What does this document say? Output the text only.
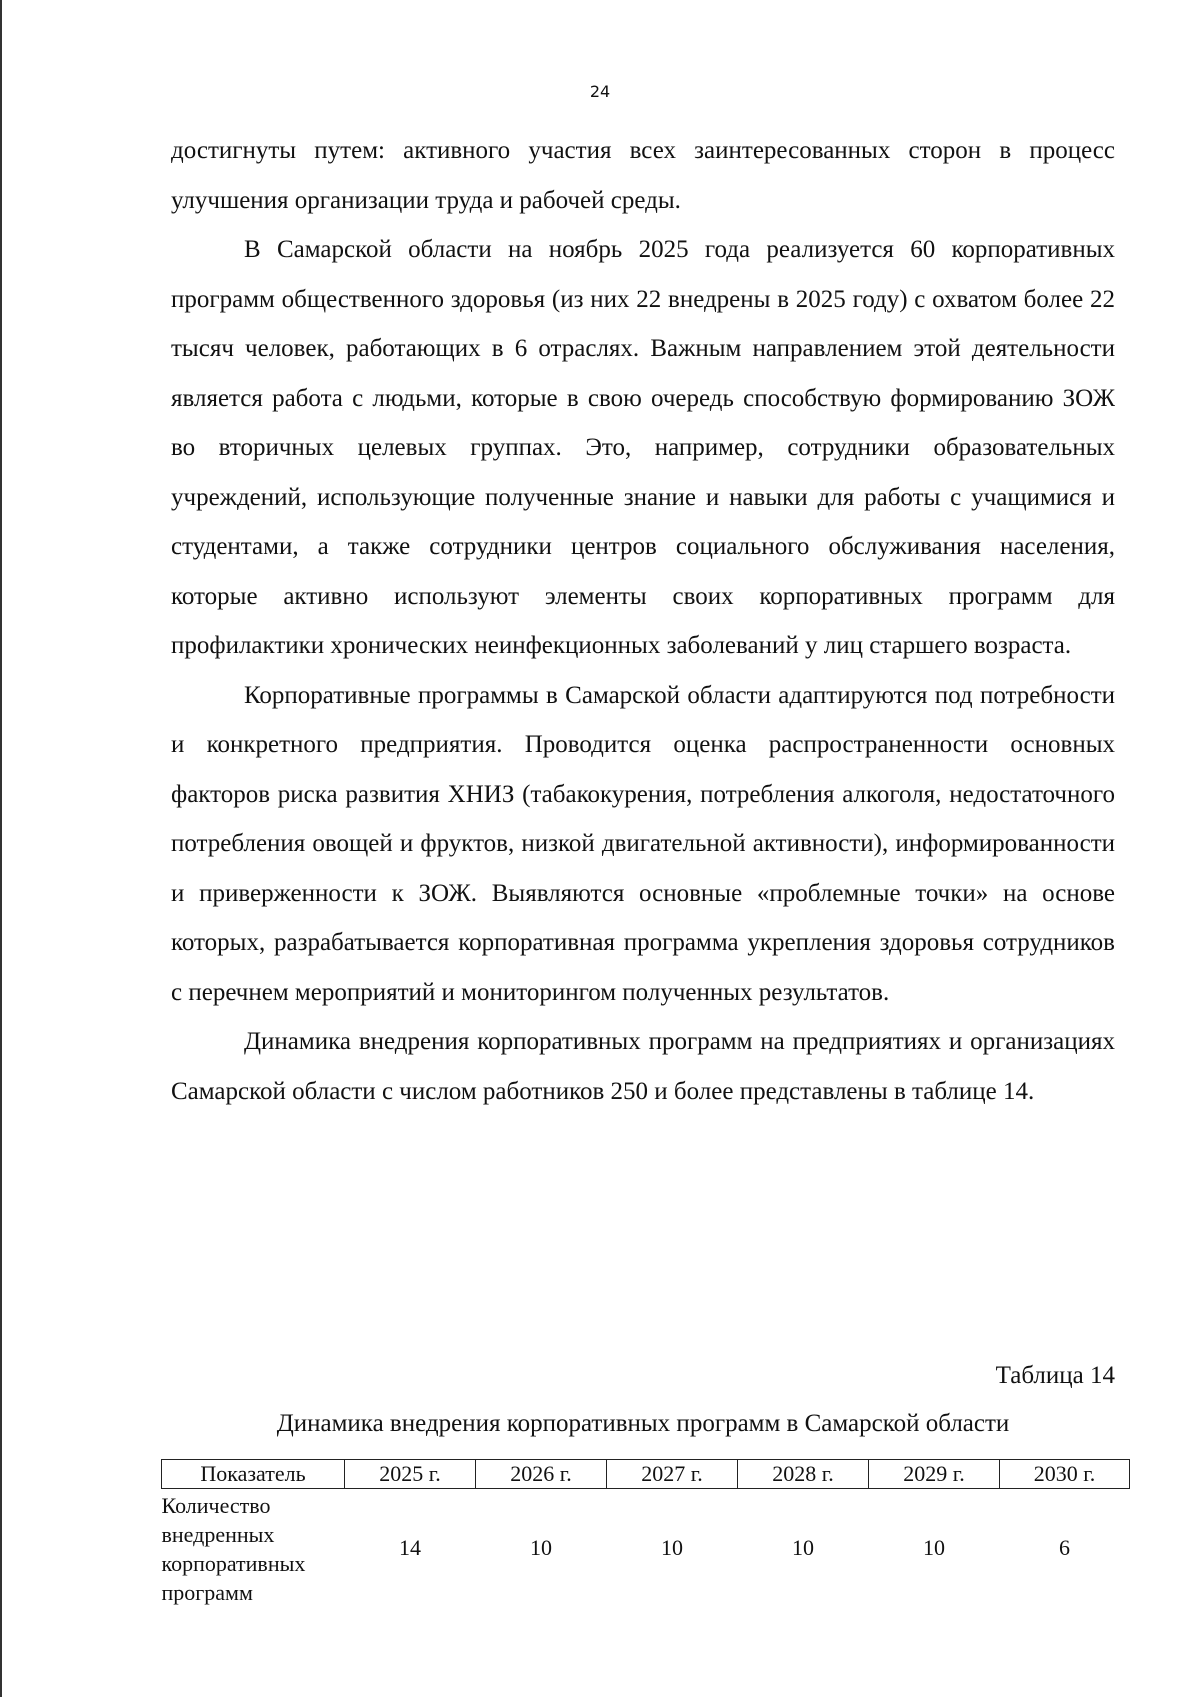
24

достигнуты путем: активного участия всех заинтересованных сторон в процесс улучшения организации труда и рабочей среды.

В Самарской области на ноябрь 2025 года реализуется 60 корпоративных программ общественного здоровья (из них 22 внедрены в 2025 году) с охватом более 22 тысяч человек, работающих в 6 отраслях. Важным направлением этой деятельности является работа с людьми, которые в свою очередь способствую формированию ЗОЖ во вторичных целевых группах. Это, например, сотрудники образовательных учреждений, использующие полученные знание и навыки для работы с учащимися и студентами, а также сотрудники центров социального обслуживания населения, которые активно используют элементы своих корпоративных программ для профилактики хронических неинфекционных заболеваний у лиц старшего возраста.

Корпоративные программы в Самарской области адаптируются под потребности и конкретного предприятия. Проводится оценка распространенности основных факторов риска развития ХНИЗ (табакокурения, потребления алкоголя, недостаточного потребления овощей и фруктов, низкой двигательной активности), информированности и приверженности к ЗОЖ. Выявляются основные «проблемные точки» на основе которых, разрабатывается корпоративная программа укрепления здоровья сотрудников с перечнем мероприятий и мониторингом полученных результатов.

Динамика внедрения корпоративных программ на предприятиях и организациях Самарской области с числом работников 250 и более представлены в таблице 14.

Таблица 14
Динамика внедрения корпоративных программ в Самарской области
Показатель	2025 г.	2026 г.	2027 г.	2028 г.	2029 г.	2030 г.
Количество внедренных корпоративных программ	14	10	10	10	10	6
